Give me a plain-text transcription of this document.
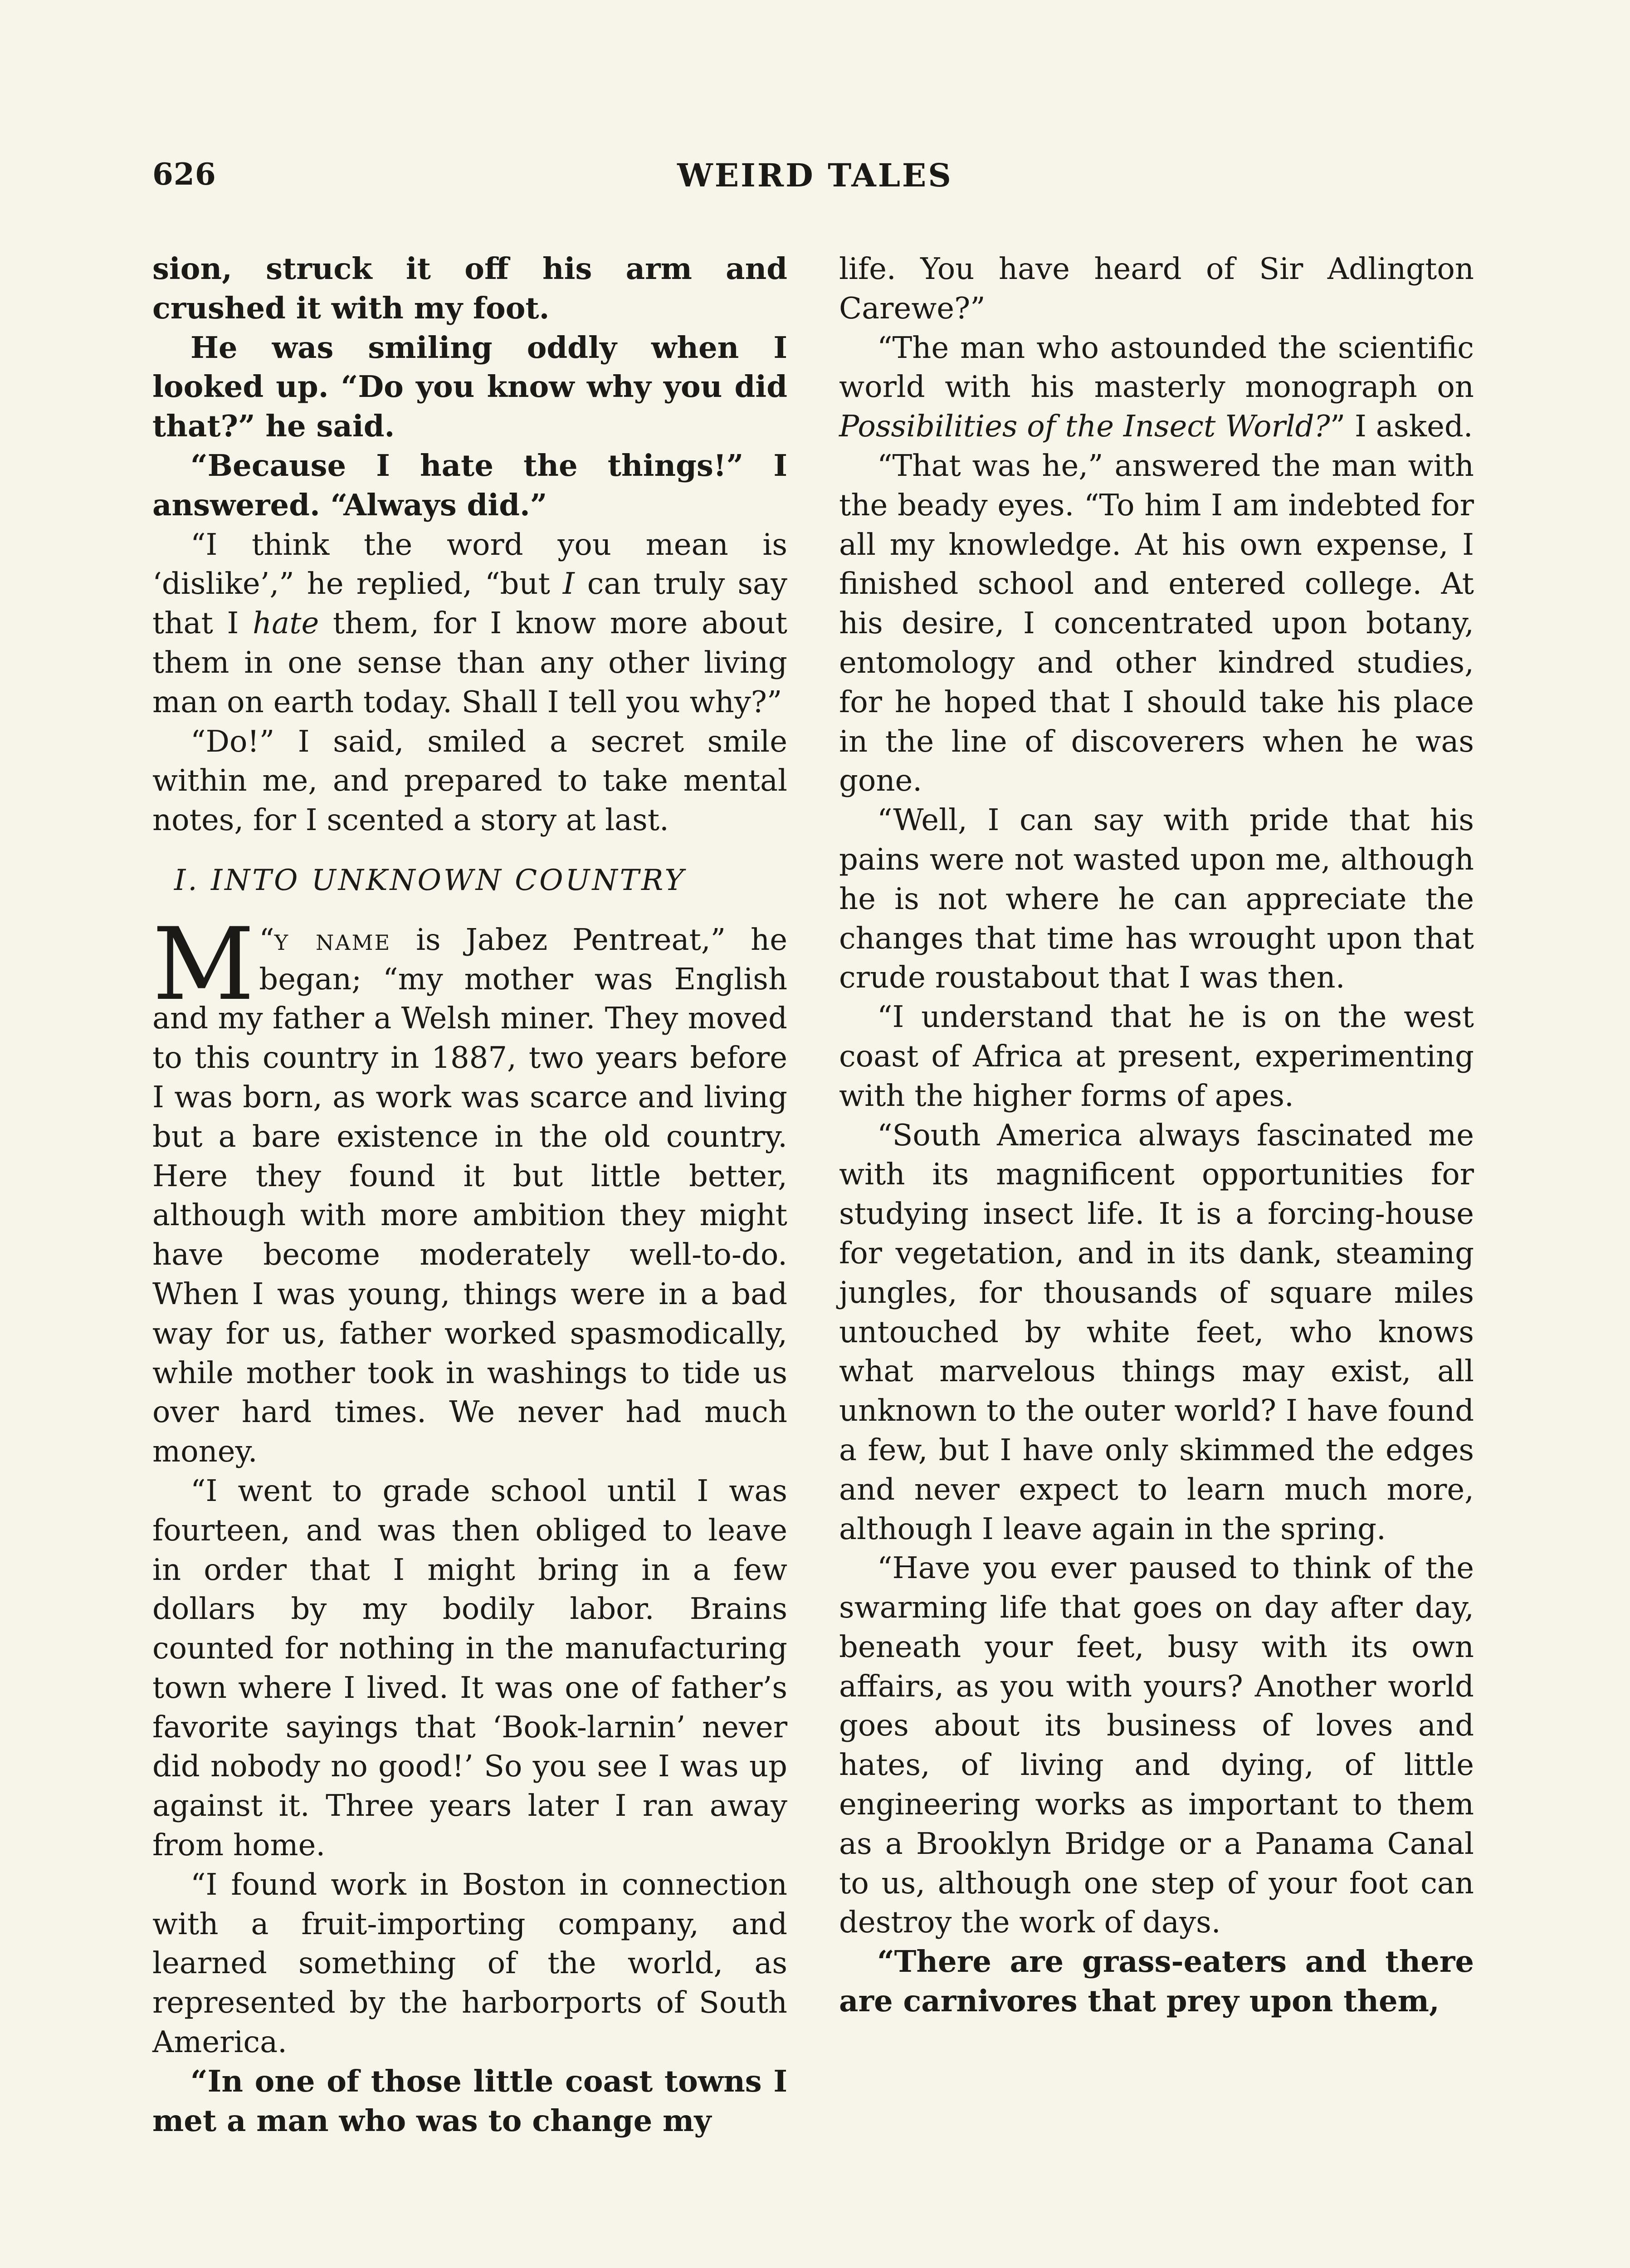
626	WEIRD TALES

sion, struck it off his arm and crushed it with my foot.

He was smiling oddly when I looked up. “Do you know why you did that?” he said.

“Because I hate the things!” I answered. “Always did.”

“I think the word you mean is ‘dislike’,” he replied, “but I can truly say that I hate them, for I know more about them in one sense than any other living man on earth today. Shall I tell you why?”

“Do!” I said, smiled a secret smile within me, and prepared to take mental notes, for I scented a story at last.

I. INTO UNKNOWN COUNTRY

“
M y name is Jabez Pentreat,” he began; “my mother was English and my father a Welsh miner. They moved to this country in 1887, two years before I was born, as work was scarce and living but a bare existence in the old country. Here they found it but little better, although with more ambition they might have become moderately well-to-do. When I was young, things were in a bad way for us, father worked spasmodically, while mother took in washings to tide us over hard times. We never had much money.

“I went to grade school until I was fourteen, and was then obliged to leave in order that I might bring in a few dollars by my bodily labor. Brains counted for nothing in the manufacturing town where I lived. It was one of father’s favorite sayings that ‘Book-larnin’ never did nobody no good!’ So you see I was up against it. Three years later I ran away from home.

“I found work in Boston in connection with a fruit-importing company, and learned something of the world, as represented by the harborports of South America.

“In one of those little coast towns I met a man who was to change my

life. You have heard of Sir Adlington Carewe?”

“The man who astounded the scientific world with his masterly monograph on Possibilities of the Insect World?” I asked.

“That was he,” answered the man with the beady eyes. “To him I am indebted for all my knowledge. At his own expense, I finished school and entered college. At his desire, I concentrated upon botany, entomology and other kindred studies, for he hoped that I should take his place in the line of discoverers when he was gone.

“Well, I can say with pride that his pains were not wasted upon me, although he is not where he can appreciate the changes that time has wrought upon that crude roustabout that I was then.

“I understand that he is on the west coast of Africa at present, experimenting with the higher forms of apes.

“South America always fascinated me with its magnificent opportunities for studying insect life. It is a forcing-house for vegetation, and in its dank, steaming jungles, for thousands of square miles untouched by white feet, who knows what marvelous things may exist, all unknown to the outer world? I have found a few, but I have only skimmed the edges and never expect to learn much more, although I leave again in the spring.

“Have you ever paused to think of the swarming life that goes on day after day, beneath your feet, busy with its own affairs, as you with yours? Another world goes about its business of loves and hates, of living and dying, of little engineering works as important to them as a Brooklyn Bridge or a Panama Canal to us, although one step of your foot can destroy the work of days.

“There are grass-eaters and there are carnivores that prey upon them,
